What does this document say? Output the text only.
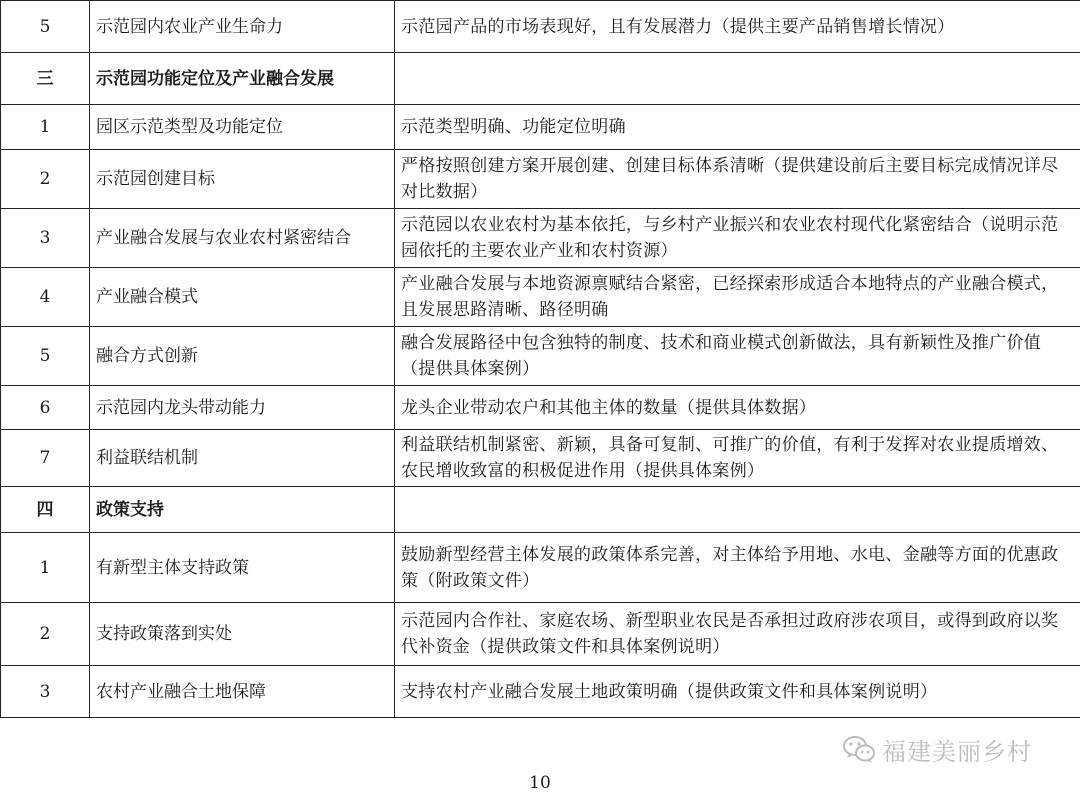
5	示范园内农业产业生命力	示范园产品的市场表现好，且有发展潜力（提供主要产品销售增长情况）
三	示范园功能定位及产业融合发展	
1	园区示范类型及功能定位	示范类型明确、功能定位明确
2	示范园创建目标	严格按照创建方案开展创建、创建目标体系清晰（提供建设前后主要目标完成情况详尽对比数据）
3	产业融合发展与农业农村紧密结合	示范园以农业农村为基本依托，与乡村产业振兴和农业农村现代化紧密结合（说明示范园依托的主要农业产业和农村资源）
4	产业融合模式	产业融合发展与本地资源禀赋结合紧密，已经探索形成适合本地特点的产业融合模式，且发展思路清晰、路径明确
5	融合方式创新	融合发展路径中包含独特的制度、技术和商业模式创新做法，具有新颖性及推广价值（提供具体案例）
6	示范园内龙头带动能力	龙头企业带动农户和其他主体的数量（提供具体数据）
7	利益联结机制	利益联结机制紧密、新颖，具备可复制、可推广的价值，有利于发挥对农业提质增效、农民增收致富的积极促进作用（提供具体案例）
四	政策支持	
1	有新型主体支持政策	鼓励新型经营主体发展的政策体系完善，对主体给予用地、水电、金融等方面的优惠政策（附政策文件）
2	支持政策落到实处	示范园内合作社、家庭农场、新型职业农民是否承担过政府涉农项目，或得到政府以奖代补资金（提供政策文件和具体案例说明）
3	农村产业融合土地保障	支持农村产业融合发展土地政策明确（提供政策文件和具体案例说明）
福建美丽乡村
10
